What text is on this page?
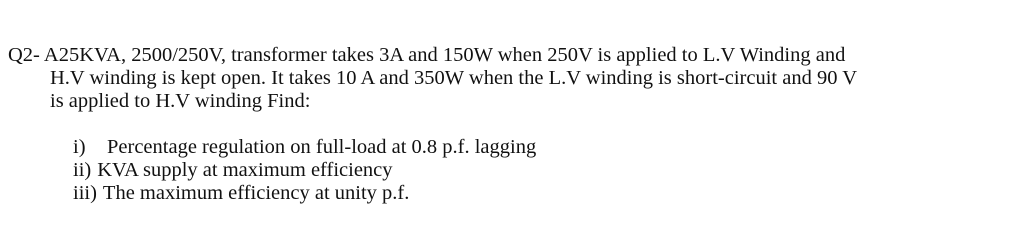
Q2- A25KVA, 2500/250V, transformer takes 3A and 150W when 250V is applied to L.V Winding and
H.V winding is kept open. It takes 10 A and 350W when the L.V winding is short-circuit and 90 V
is applied to H.V winding Find:
i) Percentage regulation on full-load at 0.8 p.f. lagging
ii) KVA supply at maximum efficiency
iii) The maximum efficiency at unity p.f.
